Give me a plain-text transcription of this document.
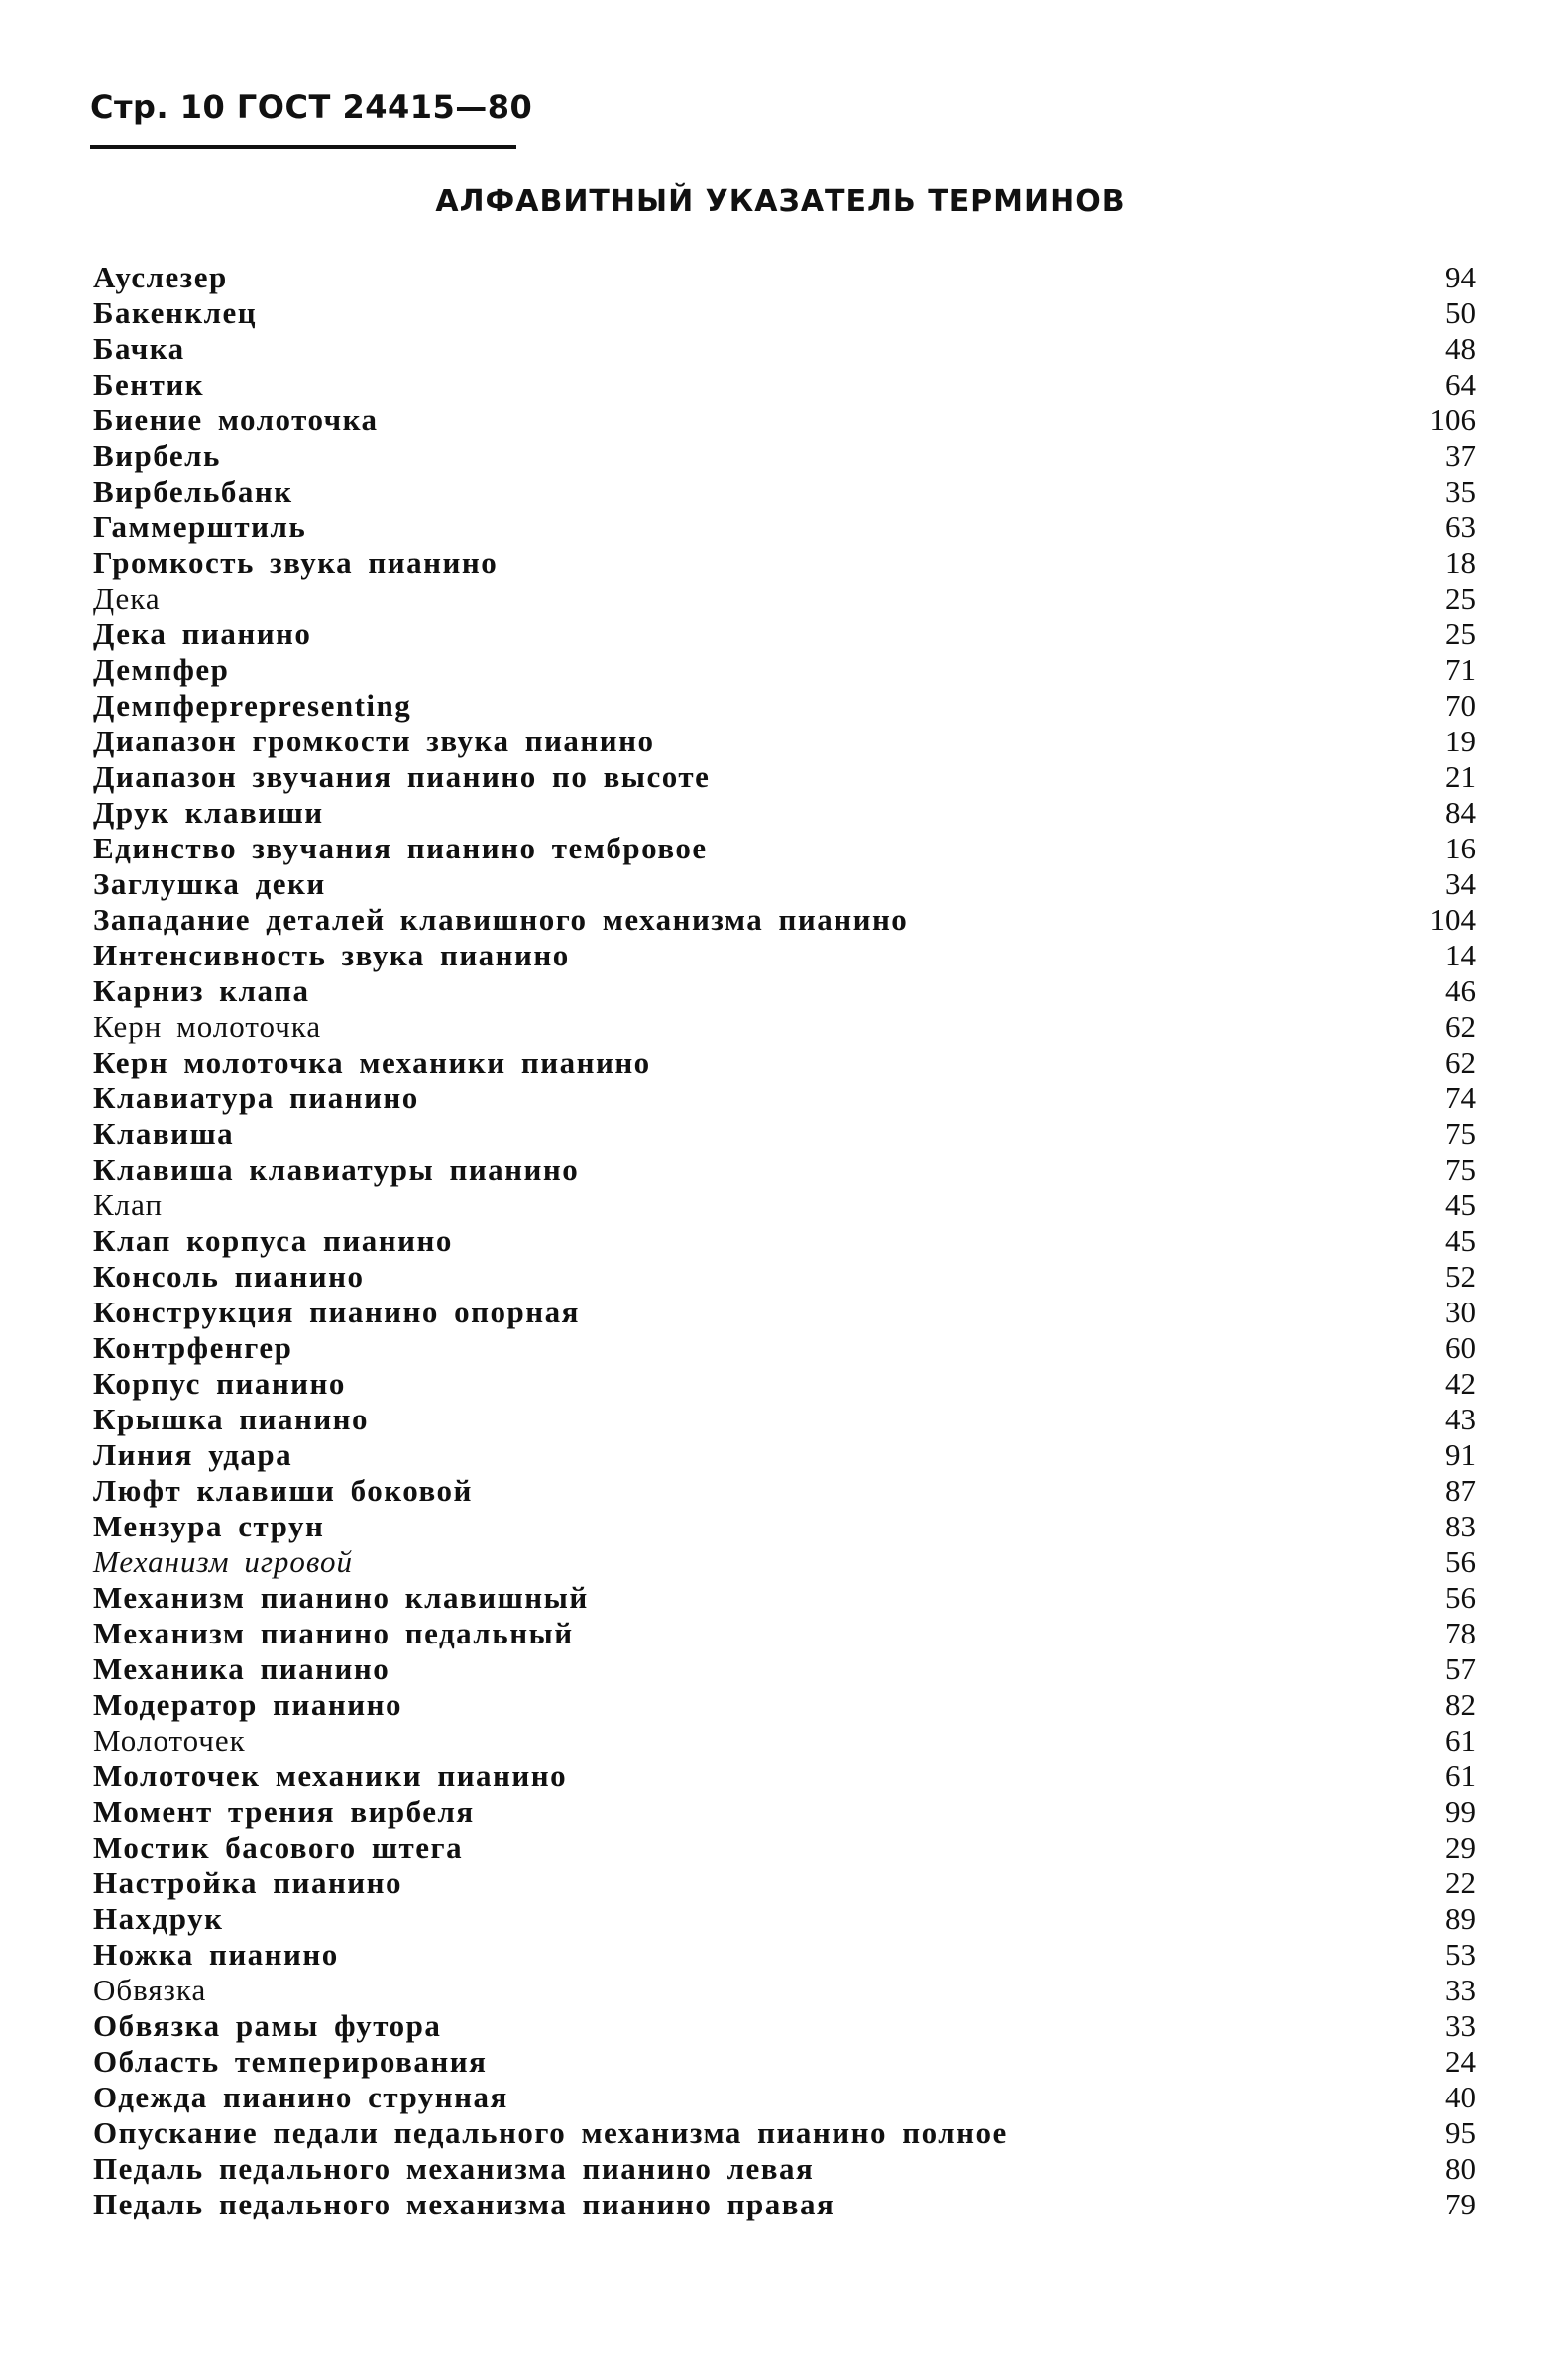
Стр. 10 ГОСТ 24415—80
АЛФАВИТНЫЙ УКАЗАТЕЛЬ ТЕРМИНОВ
Ауслезер	94
Бакенклец	50
Бачка	48
Бентик	64
Биение молоточка	106
Вирбель	37
Вирбельбанк	35
Гаммерштиль	63
Громкость звука пианино	18
Дека	25
Дека пианино	25
Демпфер	71
Демпферrepresenting	70
Диапазон громкости звука пианино	19
Диапазон звучания пианино по высоте	21
Друк клавиши	84
Единство звучания пианино тембровое	16
Заглушка деки	34
Западание деталей клавишного механизма пианино	104
Интенсивность звука пианино	14
Карниз клапа	46
Керн молоточка	62
Керн молоточка механики пианино	62
Клавиатура пианино	74
Клавиша	75
Клавиша клавиатуры пианино	75
Клап	45
Клап корпуса пианино	45
Консоль пианино	52
Конструкция пианино опорная	30
Контрфенгер	60
Корпус пианино	42
Крышка пианино	43
Линия удара	91
Люфт клавиши боковой	87
Мензура струн	83
Механизм игровой	56
Механизм пианино клавишный	56
Механизм пианино педальный	78
Механика пианино	57
Модератор пианино	82
Молоточек	61
Молоточек механики пианино	61
Момент трения вирбеля	99
Мостик басового штега	29
Настройка пианино	22
Нахдрук	89
Ножка пианино	53
Обвязка	33
Обвязка рамы футора	33
Область темперирования	24
Одежда пианино струнная	40
Опускание педали педального механизма пианино полное	95
Педаль педального механизма пианино левая	80
Педаль педального механизма пианино правая	79
